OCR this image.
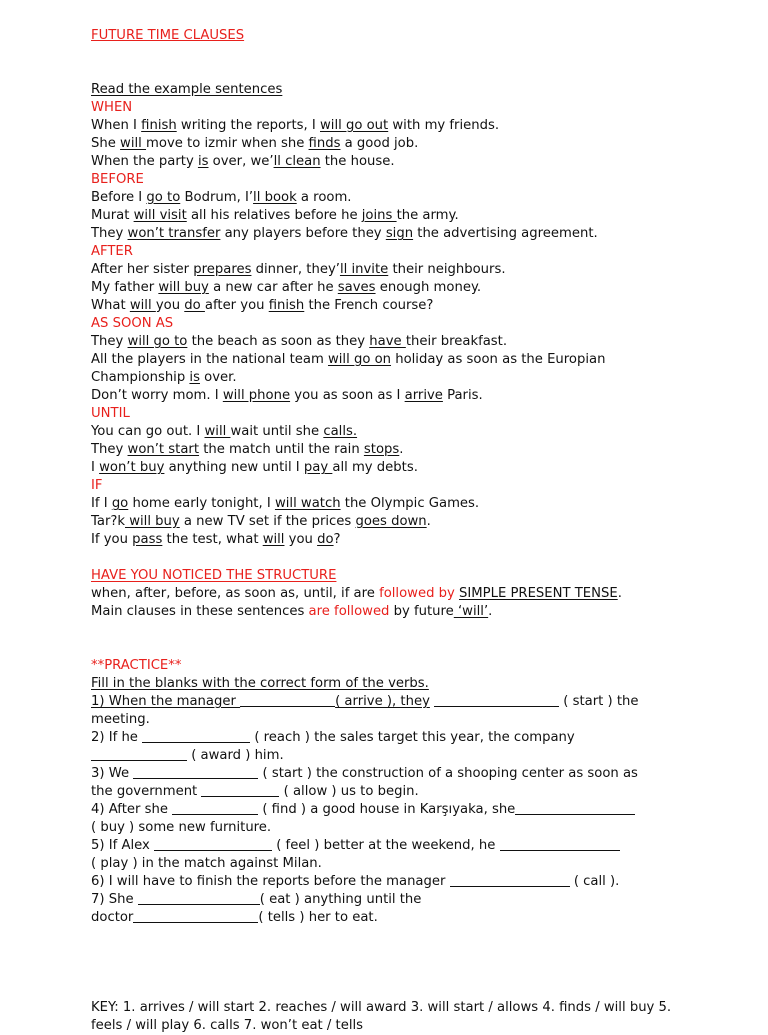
FUTURE TIME CLAUSES
Read the example sentences
WHEN
When I finish writing the reports, I will go out with my friends.
She will move to izmir when she finds a good job.
When the party is over, we’ll clean the house.
BEFORE
Before I go to Bodrum, I’ll book a room.
Murat will visit all his relatives before he joins the army.
They won’t transfer any players before they sign the advertising agreement.
AFTER
After her sister prepares dinner, they’ll invite their neighbours.
My father will buy a new car after he saves enough money.
What will you do after you finish the French course?
AS SOON AS
They will go to the beach as soon as they have their breakfast.
All the players in the national team will go on holiday as soon as the Europian
Championship is over.
Don’t worry mom. I will phone you as soon as I arrive Paris.
UNTIL
You can go out. I will wait until she calls.
They won’t start the match until the rain stops.
I won’t buy anything new until I pay all my debts.
IF
If I go home early tonight, I will watch the Olympic Games.
Tar?k will buy a new TV set if the prices goes down.
If you pass the test, what will you do?
HAVE YOU NOTICED THE STRUCTURE
when, after, before, as soon as, until, if are followed by SIMPLE PRESENT TENSE.
Main clauses in these sentences are followed by future ‘will’.
**PRACTICE**
Fill in the blanks with the correct form of the verbs.
1) When the manager	( arrive ), they	( start ) the
meeting.
2) If he	( reach ) the sales target this year, the company
( award ) him.
3) We	( start ) the construction of a shooping center as soon as
the government	( allow ) us to begin.
4) After she	( find ) a good house in Karşıyaka, she
( buy ) some new furniture.
5) If Alex	( feel ) better at the weekend, he
( play ) in the match against Milan.
6) I will have to finish the reports before the manager	( call ).
7) She	( eat ) anything until the
doctor	( tells ) her to eat.
KEY: 1. arrives / will start 2. reaches / will award 3. will start / allows 4. finds / will buy 5. feels / will play 6. calls 7. won’t eat / tells
